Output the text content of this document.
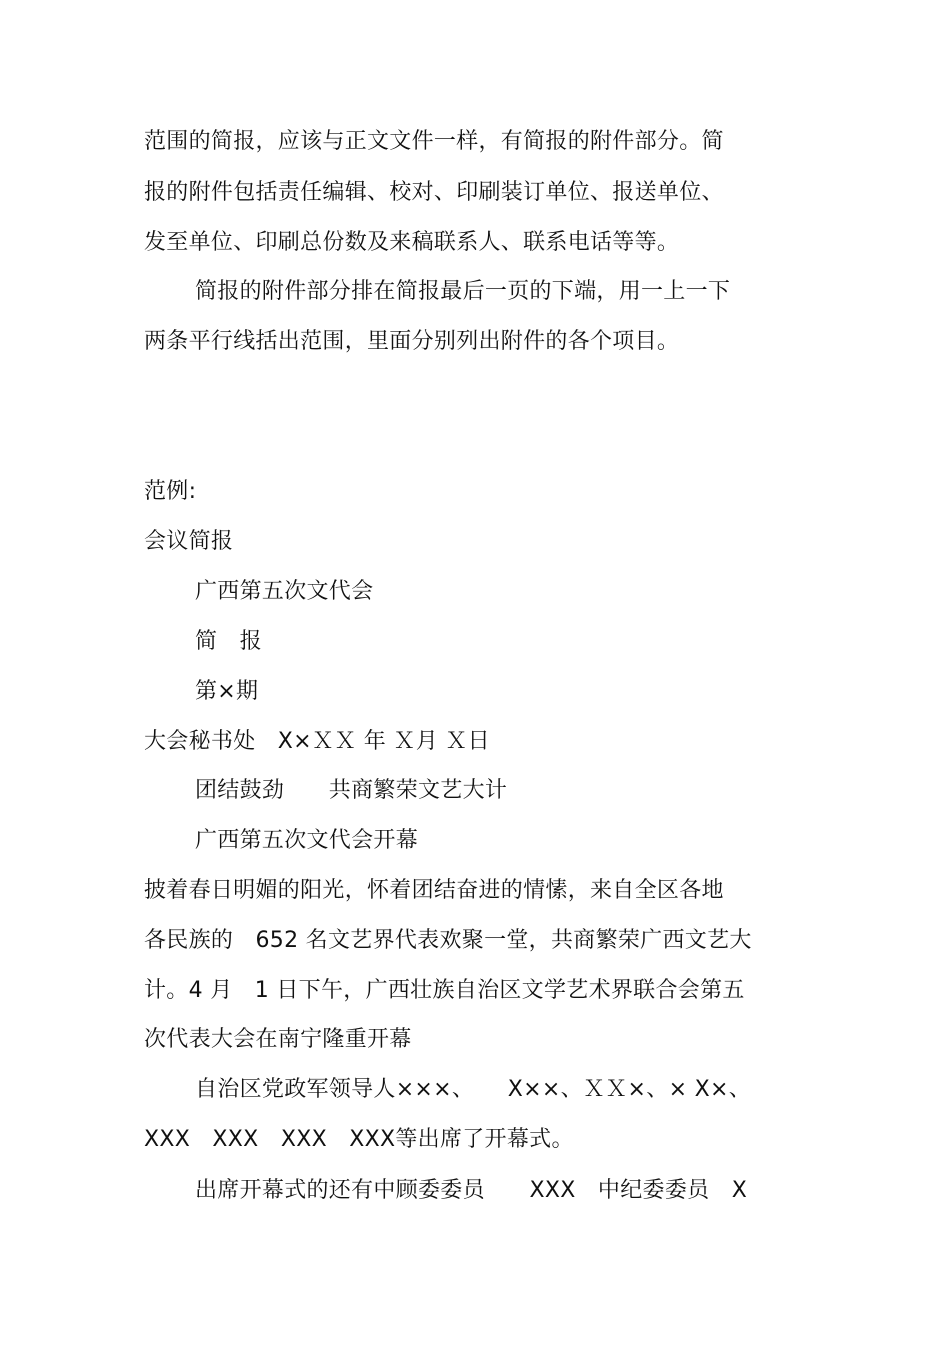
范围的简报，应该与正文文件一样，有简报的附件部分。简
报的附件包括责任编辑、校对、印刷装订单位、报送单位、
发至单位、印刷总份数及来稿联系人、联系电话等等。
简报的附件部分排在简报最后一页的下端，用一上一下
两条平行线括出范围，里面分别列出附件的各个项目。
范例:
会议简报
广西第五次文代会
简　报
第×期
大会秘书处　X×ＸＸ 年 Ｘ月 Ｘ日
团结鼓劲　　共商繁荣文艺大计
广西第五次文代会开幕
披着春日明媚的阳光，怀着团结奋进的情愫，来自全区各地
各民族的　652 名文艺界代表欢聚一堂，共商繁荣广西文艺大
计。4 月　1 日下午，广西壮族自治区文学艺术界联合会第五
次代表大会在南宁隆重开幕
自治区党政军领导人×××、　　X××、ＸＸ×、× X×、
XXX　XXX　XXX　XXX等出席了开幕式。
出席开幕式的还有中顾委委员　　XXX　中纪委委员　X
